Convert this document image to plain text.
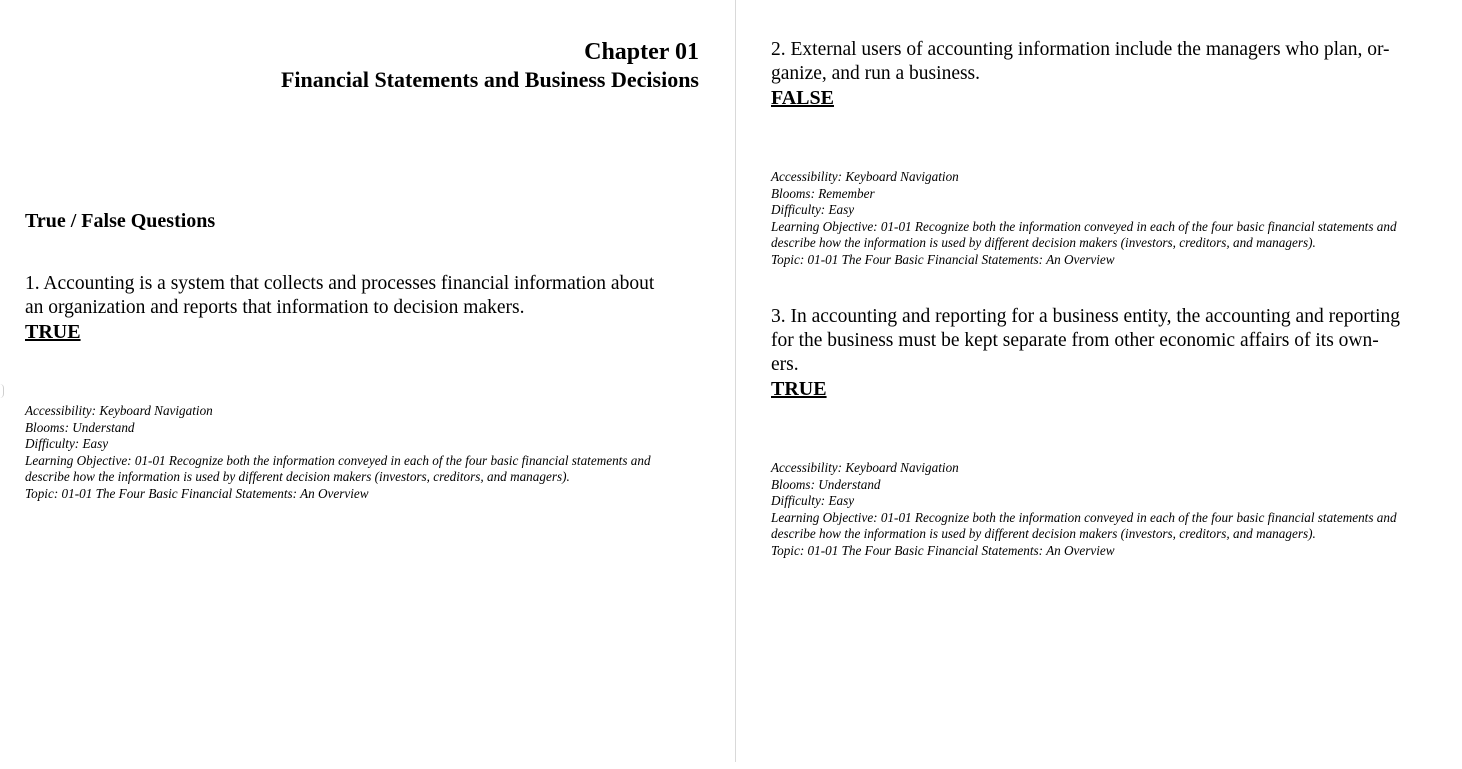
Chapter 01
Financial Statements and Business Decisions
True / False Questions
1. Accounting is a system that collects and processes financial information about
an organization and reports that information to decision makers.
TRUE
Accessibility: Keyboard Navigation
Blooms: Understand
Difficulty: Easy
Learning Objective: 01-01 Recognize both the information conveyed in each of the four basic financial statements and
describe how the information is used by different decision makers (investors, creditors, and managers).
Topic: 01-01 The Four Basic Financial Statements: An Overview
2. External users of accounting information include the managers who plan, or-
ganize, and run a business.
FALSE
Accessibility: Keyboard Navigation
Blooms: Remember
Difficulty: Easy
Learning Objective: 01-01 Recognize both the information conveyed in each of the four basic financial statements and
describe how the information is used by different decision makers (investors, creditors, and managers).
Topic: 01-01 The Four Basic Financial Statements: An Overview
3. In accounting and reporting for a business entity, the accounting and reporting
for the business must be kept separate from other economic affairs of its own-
ers.
TRUE
Accessibility: Keyboard Navigation
Blooms: Understand
Difficulty: Easy
Learning Objective: 01-01 Recognize both the information conveyed in each of the four basic financial statements and
describe how the information is used by different decision makers (investors, creditors, and managers).
Topic: 01-01 The Four Basic Financial Statements: An Overview
